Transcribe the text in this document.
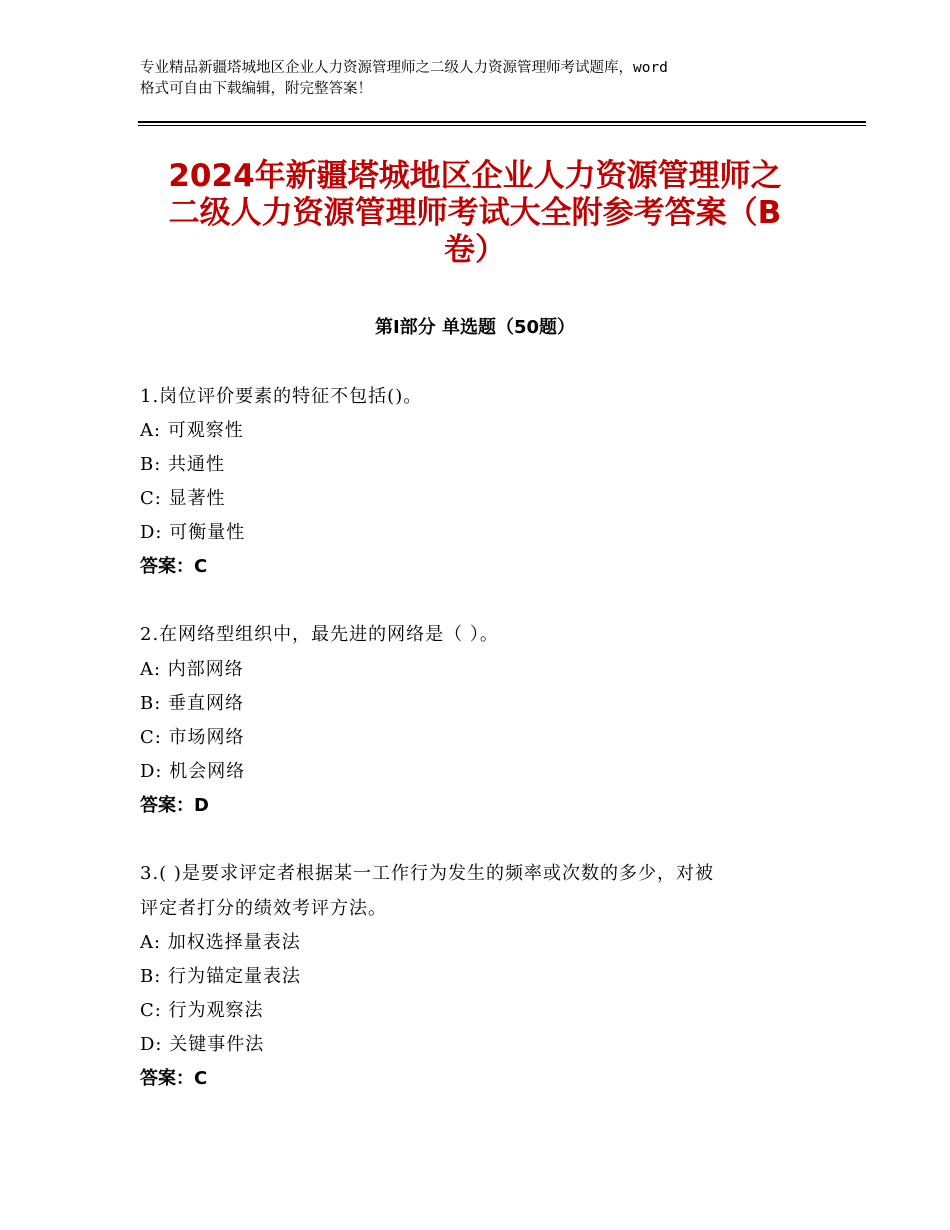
专业精品新疆塔城地区企业人力资源管理师之二级人力资源管理师考试题库，word
格式可自由下载编辑，附完整答案！
2024年新疆塔城地区企业人力资源管理师之
二级人力资源管理师考试大全附参考答案（B
卷）
第Ⅰ部分 单选题（50题）
1.岗位评价要素的特征不包括()。
A: 可观察性
B: 共通性
C: 显著性
D: 可衡量性
答案：C
2.在网络型组织中，最先进的网络是（ ）。
A: 内部网络
B: 垂直网络
C: 市场网络
D: 机会网络
答案：D
3.( )是要求评定者根据某一工作行为发生的频率或次数的多少，对被
评定者打分的绩效考评方法。
A: 加权选择量表法
B: 行为锚定量表法
C: 行为观察法
D: 关键事件法
答案：C
